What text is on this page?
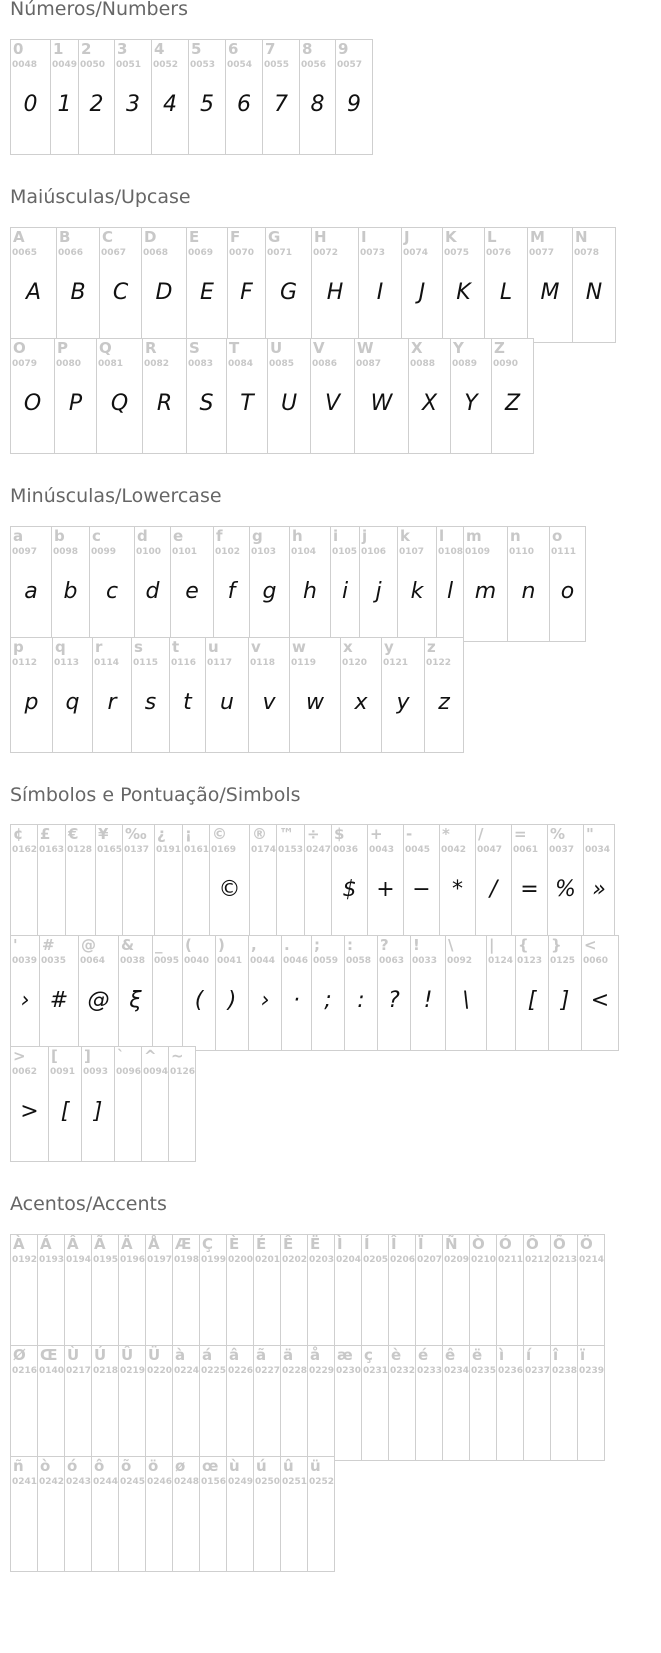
Números/Numbers
0
0048
0
1
0049
1
2
0050
2
3
0051
3
4
0052
4
5
0053
5
6
0054
6
7
0055
7
8
0056
8
9
0057
9
Maiúsculas/Upcase
A
0065
A
B
0066
B
C
0067
C
D
0068
D
E
0069
E
F
0070
F
G
0071
G
H
0072
H
I
0073
I
J
0074
J
K
0075
K
L
0076
L
M
0077
M
N
0078
N
O
0079
O
P
0080
P
Q
0081
Q
R
0082
R
S
0083
S
T
0084
T
U
0085
U
V
0086
V
W
0087
W
X
0088
X
Y
0089
Y
Z
0090
Z
Minúsculas/Lowercase
a
0097
a
b
0098
b
c
0099
c
d
0100
d
e
0101
e
f
0102
f
g
0103
g
h
0104
h
i
0105
i
j
0106
j
k
0107
k
l
0108
l
m
0109
m
n
0110
n
o
0111
o
p
0112
p
q
0113
q
r
0114
r
s
0115
s
t
0116
t
u
0117
u
v
0118
v
w
0119
w
x
0120
x
y
0121
y
z
0122
z
Símbolos e Pontuação/Simbols
¢
0162
£
0163
€
0128
¥
0165
‰
0137
¿
0191
¡
0161
©
0169
©
®
0174
™
0153
÷
0247
$
0036
$
+
0043
+
-
0045
−
*
0042
*
/
0047
/
=
0061
=
%
0037
%
"
0034
»
'
0039
›
#
0035
#
@
0064
@
&
0038
ξ
_
0095
(
0040
(
)
0041
)
,
0044
›
.
0046
·
;
0059
;
:
0058
:
?
0063
?
!
0033
!
\
0092
\
|
0124
{
0123
[
}
0125
]
<
0060
<
>
0062
>
[
0091
[
]
0093
]
`
0096
^
0094
~
0126
Acentos/Accents
À
0192
Á
0193
Â
0194
Ã
0195
Ä
0196
Å
0197
Æ
0198
Ç
0199
È
0200
É
0201
Ê
0202
Ë
0203
Ì
0204
Í
0205
Î
0206
Ï
0207
Ñ
0209
Ò
0210
Ó
0211
Ô
0212
Õ
0213
Ö
0214
Ø
0216
Œ
0140
Ù
0217
Ú
0218
Û
0219
Ü
0220
à
0224
á
0225
â
0226
ã
0227
ä
0228
å
0229
æ
0230
ç
0231
è
0232
é
0233
ê
0234
ë
0235
ì
0236
í
0237
î
0238
ï
0239
ñ
0241
ò
0242
ó
0243
ô
0244
õ
0245
ö
0246
ø
0248
œ
0156
ù
0249
ú
0250
û
0251
ü
0252
